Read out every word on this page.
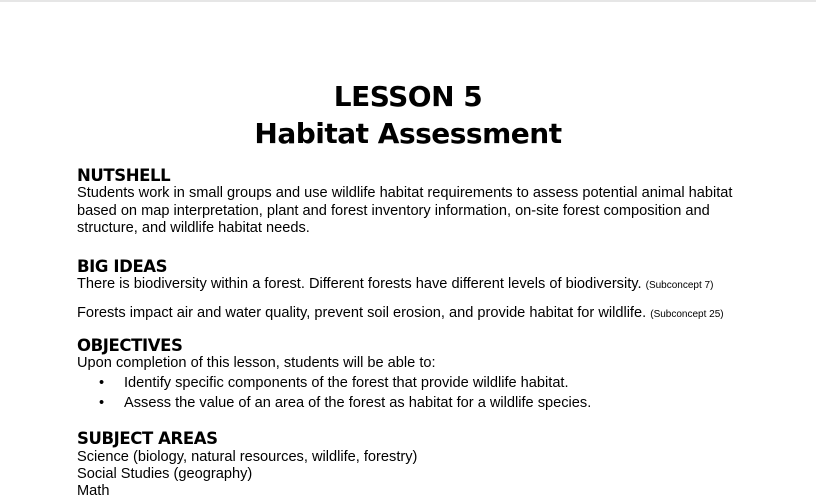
LESSON 5
Habitat Assessment
NUTSHELL
Students work in small groups and use wildlife habitat requirements to assess potential animal habitat based on map interpretation, plant and forest inventory information, on-site forest composition and structure, and wildlife habitat needs.
BIG IDEAS
There is biodiversity within a forest. Different forests have different levels of biodiversity. (Subconcept 7)
Forests impact air and water quality, prevent soil erosion, and provide habitat for wildlife. (Subconcept 25)
OBJECTIVES
Upon completion of this lesson, students will be able to:
• Identify specific components of the forest that provide wildlife habitat.
• Assess the value of an area of the forest as habitat for a wildlife species.
SUBJECT AREAS
Science (biology, natural resources, wildlife, forestry)
Social Studies (geography)
Math
